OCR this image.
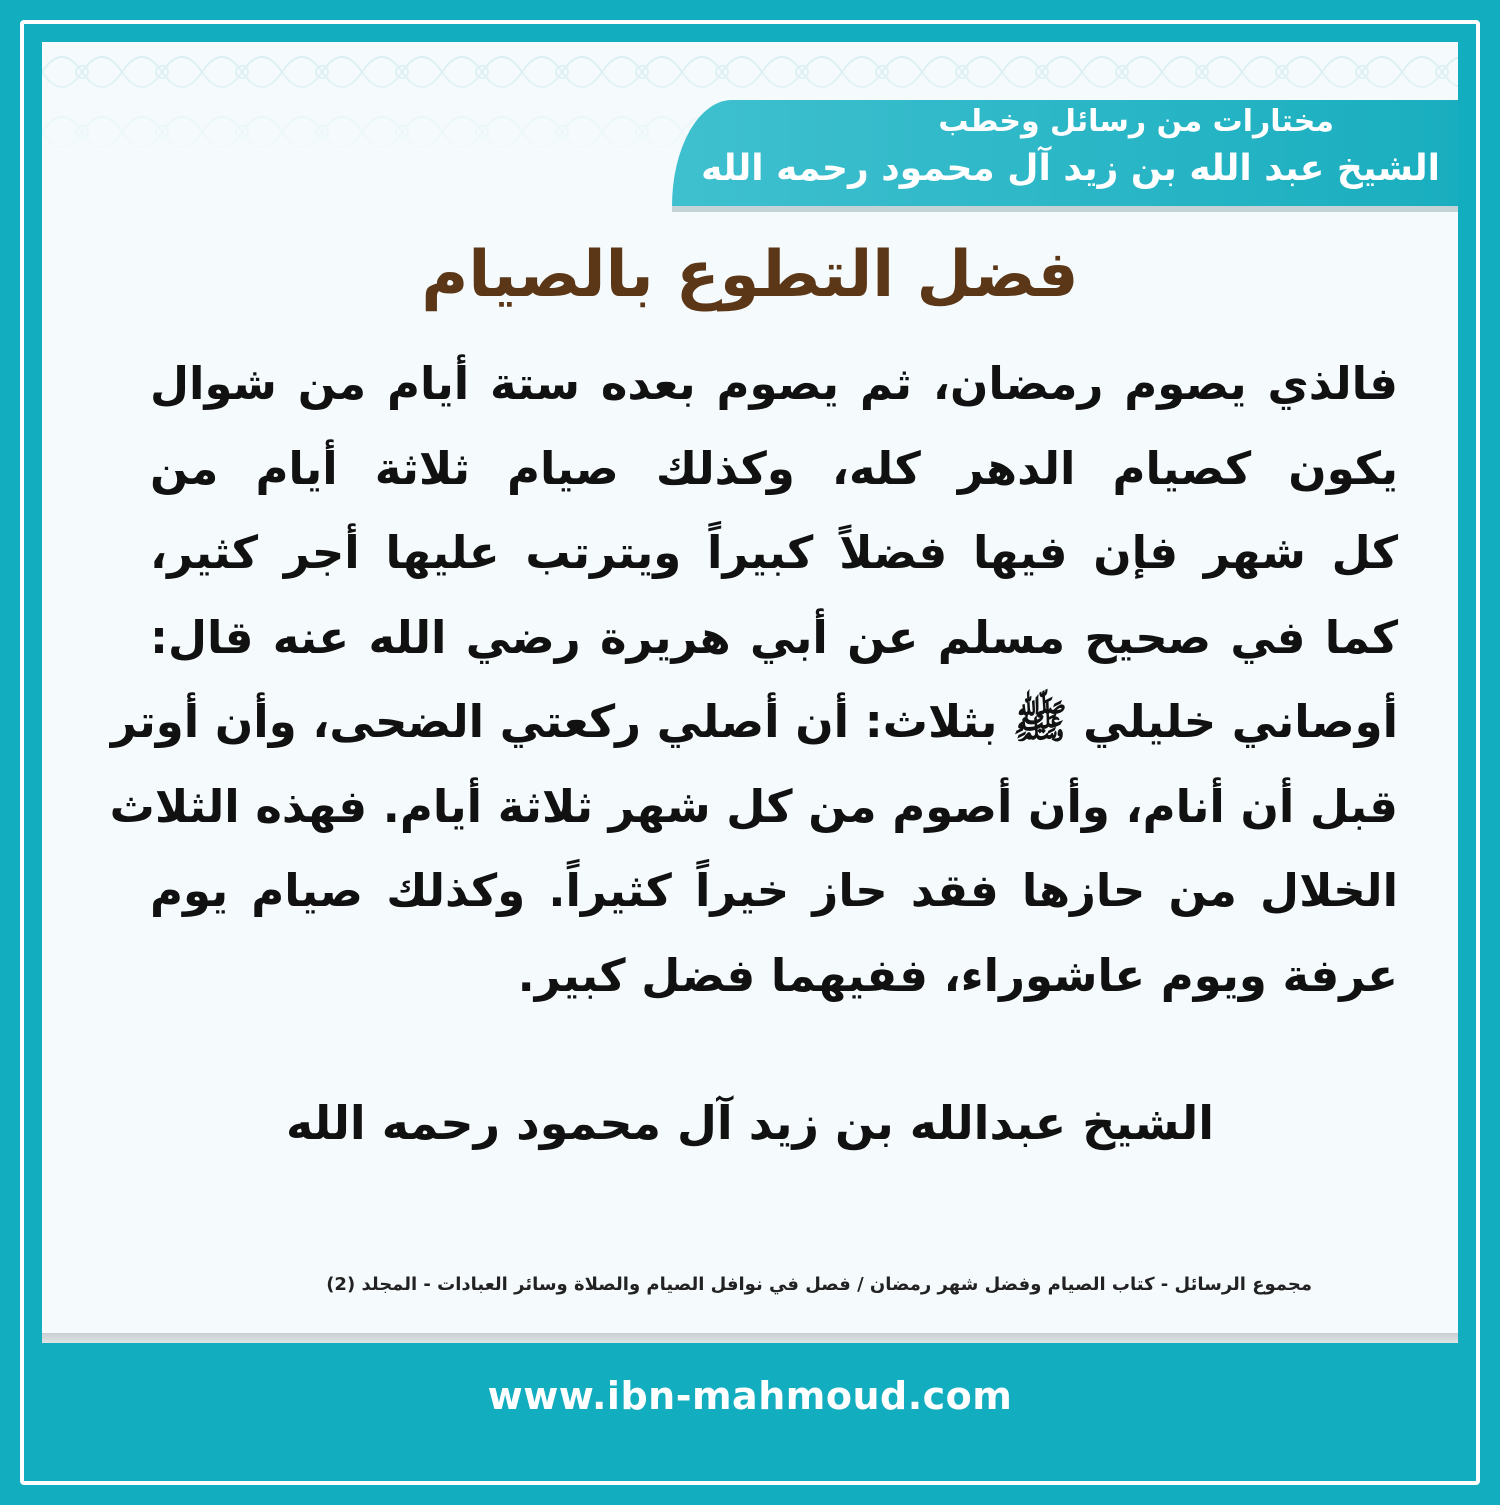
مختارات من رسائل وخطب
الشيخ عبد الله بن زيد آل محمود رحمه الله
فضل التطوع بالصيام
فالذي يصوم رمضان، ثم يصوم بعده ستة أيام من شوال
يكون كصيام الدهر كله، وكذلك صيام ثلاثة أيام من
كل شهر فإن فيها فضلاً كبيراً ويترتب عليها أجر كثير،
كما في صحيح مسلم عن أبي هريرة رضي الله عنه قال:
أوصاني خليلي ﷺ بثلاث: أن أصلي ركعتي الضحى، وأن أوتر
قبل أن أنام، وأن أصوم من كل شهر ثلاثة أيام. فهذه الثلاث
الخلال من حازها فقد حاز خيراً كثيراً. وكذلك صيام يوم
عرفة ويوم عاشوراء، ففيهما فضل كبير.
الشيخ عبدالله بن زيد آل محمود رحمه الله
مجموع الرسائل - كتاب الصيام وفضل شهر رمضان / فصل في نوافل الصيام والصلاة وسائر العبادات - المجلد (2)
www.ibn-mahmoud.com
